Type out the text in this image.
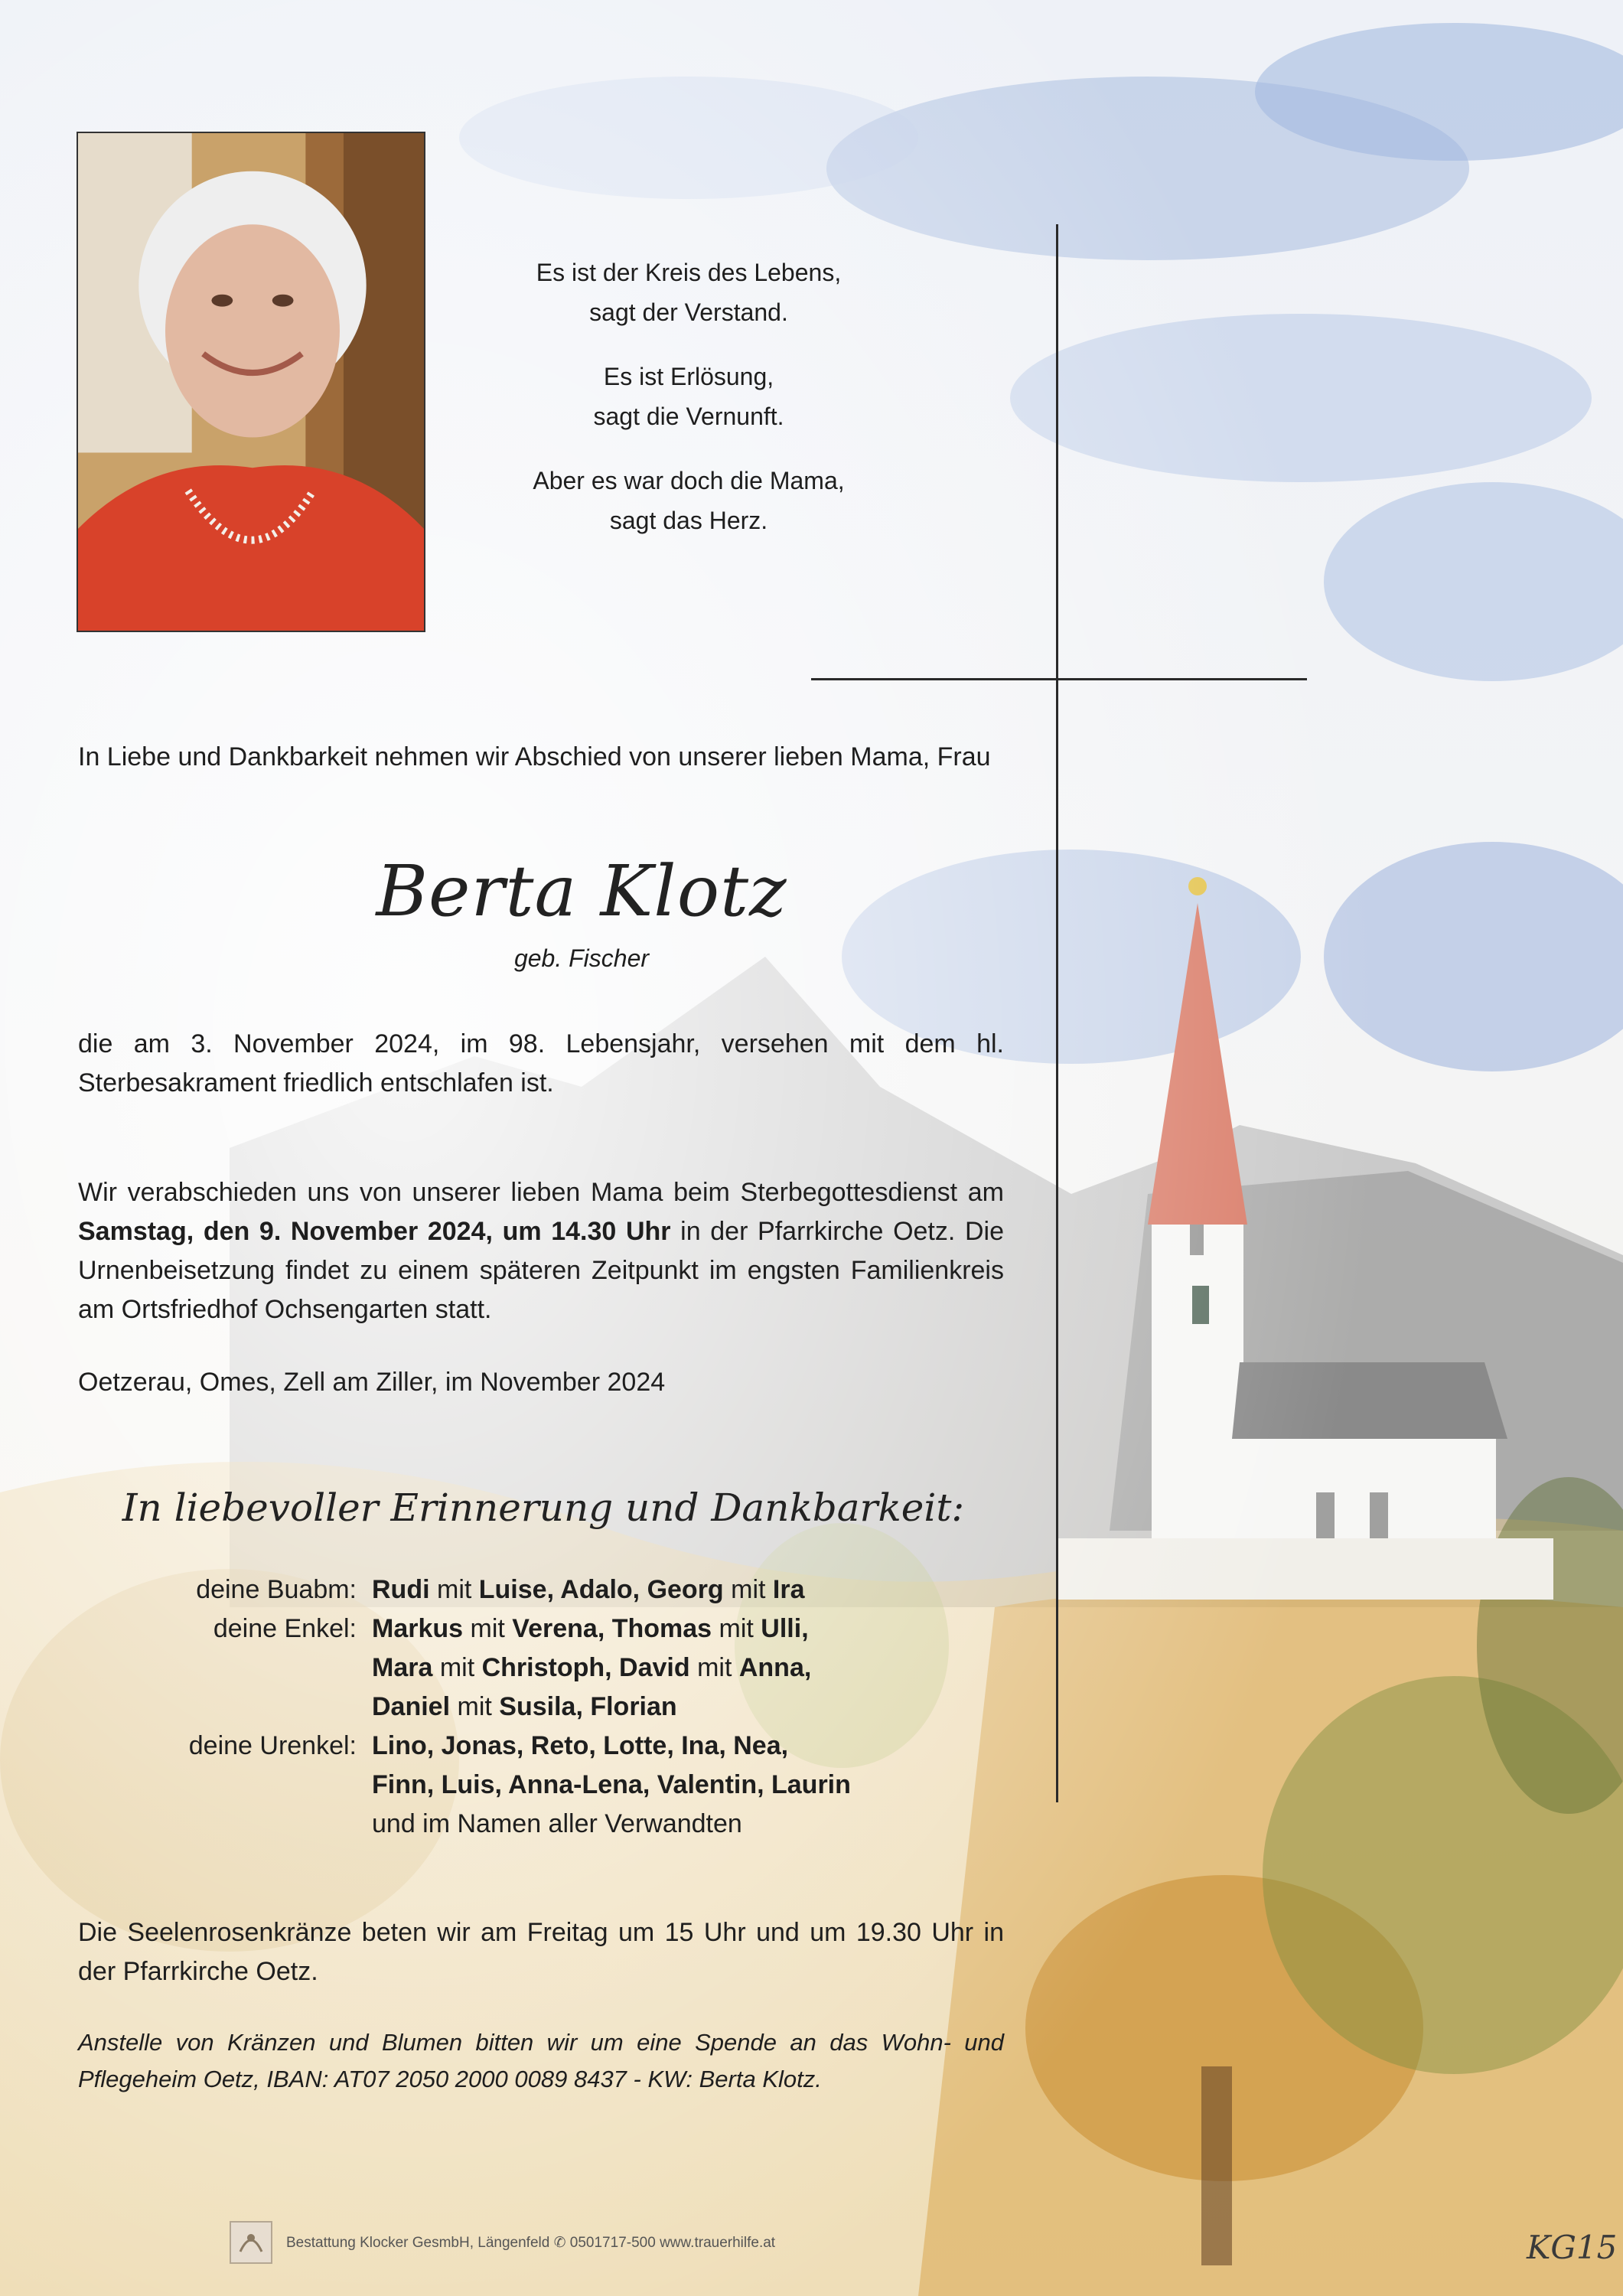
Es ist der Kreis des Lebens,
sagt der Verstand.

Es ist Erlösung,
sagt die Vernunft.

Aber es war doch die Mama,
sagt das Herz.

In Liebe und Dankbarkeit nehmen wir Abschied von unserer lieben Mama, Frau
Berta Klotz
geb. Fischer
die am 3. November 2024, im 98. Lebensjahr, versehen mit dem hl. Sterbesakrament friedlich entschlafen ist.
Wir verabschieden uns von unserer lieben Mama beim Sterbegottesdienst am Samstag, den 9. November 2024, um 14.30 Uhr in der Pfarrkirche Oetz. Die Urnenbeisetzung findet zu einem späteren Zeitpunkt im engsten Familienkreis am Ortsfriedhof Ochsengarten statt.
Oetzerau, Omes, Zell am Ziller, im November 2024
In liebevoller Erinnerung und Dankbarkeit:
deine Buabm: Rudi mit Luise, Adalo, Georg mit Ira
deine Enkel: Markus mit Verena, Thomas mit Ulli,
Mara mit Christoph, David mit Anna,
Daniel mit Susila, Florian
deine Urenkel: Lino, Jonas, Reto, Lotte, Ina, Nea,
Finn, Luis, Anna-Lena, Valentin, Laurin
und im Namen aller Verwandten
Die Seelenrosenkränze beten wir am Freitag um 15 Uhr und um 19.30 Uhr in der Pfarrkirche Oetz.
Anstelle von Kränzen und Blumen bitten wir um eine Spende an das Wohn- und Pflegeheim Oetz, IBAN: AT07 2050 2000 0089 8437 - KW: Berta Klotz.
KG15
Bestattung Klocker GesmbH, Längenfeld ✆ 0501717-500 www.trauerhilfe.at
